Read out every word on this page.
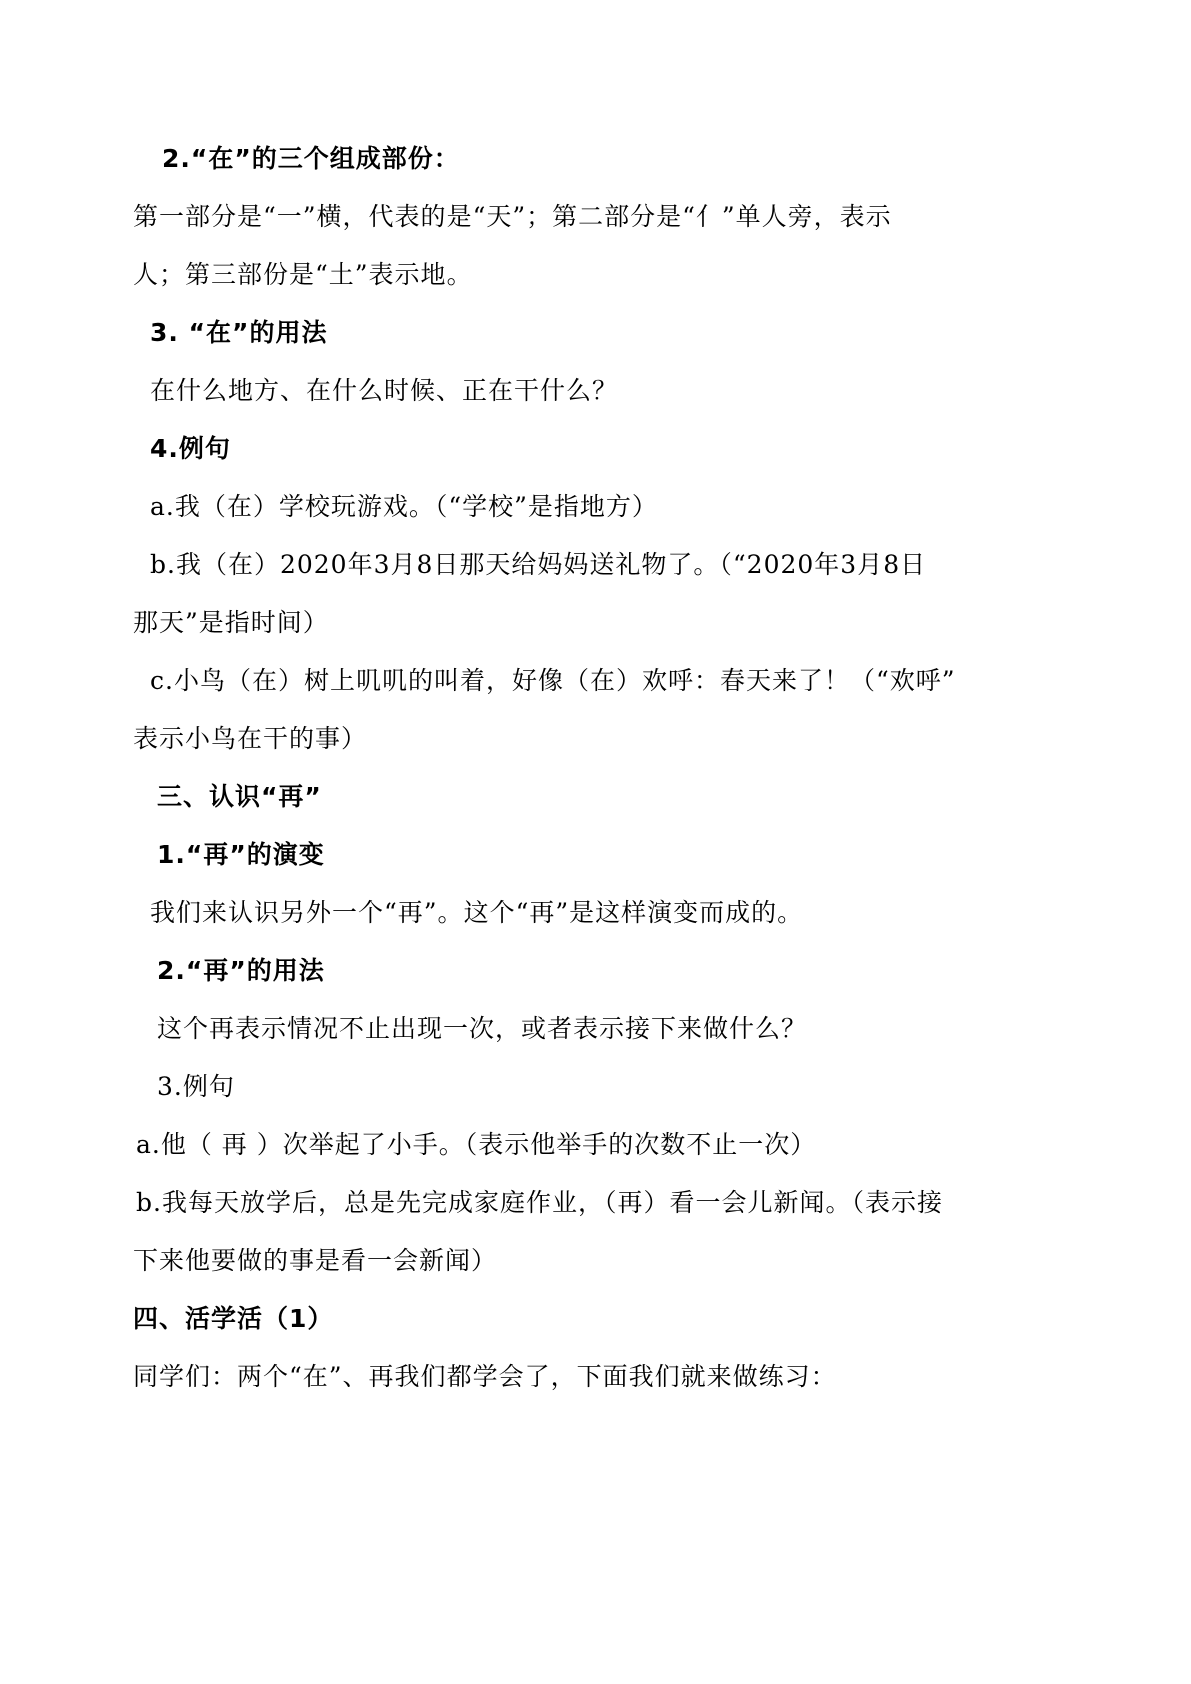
2.“在”的三个组成部份：
第一部分是“一”横，代表的是“天”；第二部分是“亻”单人旁，表示
人；第三部份是“土”表示地。
3. “在”的用法
在什么地方、在什么时候、正在干什么？
4.例句
a.我（在）学校玩游戏。（“学校”是指地方）
b.我（在）2020年3月8日那天给妈妈送礼物了。（“2020年3月8日
那天”是指时间）
c.小鸟（在）树上叽叽的叫着，好像（在）欢呼：春天来了！（“欢呼”
表示小鸟在干的事）
三、认识“再”
1.“再”的演变
我们来认识另外一个“再”。这个“再”是这样演变而成的。
2.“再”的用法
这个再表示情况不止出现一次，或者表示接下来做什么？
3.例句
a.他（ 再 ）次举起了小手。（表示他举手的次数不止一次）
b.我每天放学后，总是先完成家庭作业，（再）看一会儿新闻。（表示接
下来他要做的事是看一会新闻）
四、活学活（1）
同学们：两个“在”、再我们都学会了，下面我们就来做练习：
